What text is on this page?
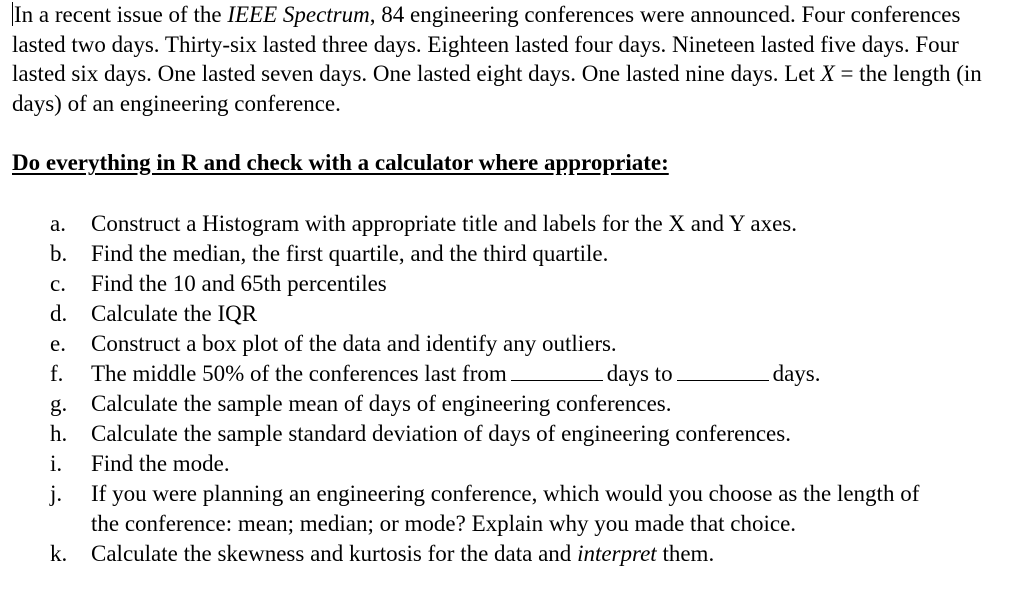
In a recent issue of the IEEE Spectrum, 84 engineering conferences were announced. Four conferences lasted two days. Thirty-six lasted three days. Eighteen lasted four days. Nineteen lasted five days. Four lasted six days. One lasted seven days. One lasted eight days. One lasted nine days. Let X = the length (in days) of an engineering conference.

Do everything in R and check with a calculator where appropriate:
a. Construct a Histogram with appropriate title and labels for the X and Y axes.
b. Find the median, the first quartile, and the third quartile.
c. Find the 10 and 65th percentiles
d. Calculate the IQR
e. Construct a box plot of the data and identify any outliers.
f. The middle 50% of the conferences last from	days to	days.
g. Calculate the sample mean of days of engineering conferences.
h. Calculate the sample standard deviation of days of engineering conferences.
i. Find the mode.
j. If you were planning an engineering conference, which would you choose as the length of the conference: mean; median; or mode? Explain why you made that choice.
k. Calculate the skewness and kurtosis for the data and interpret them.
